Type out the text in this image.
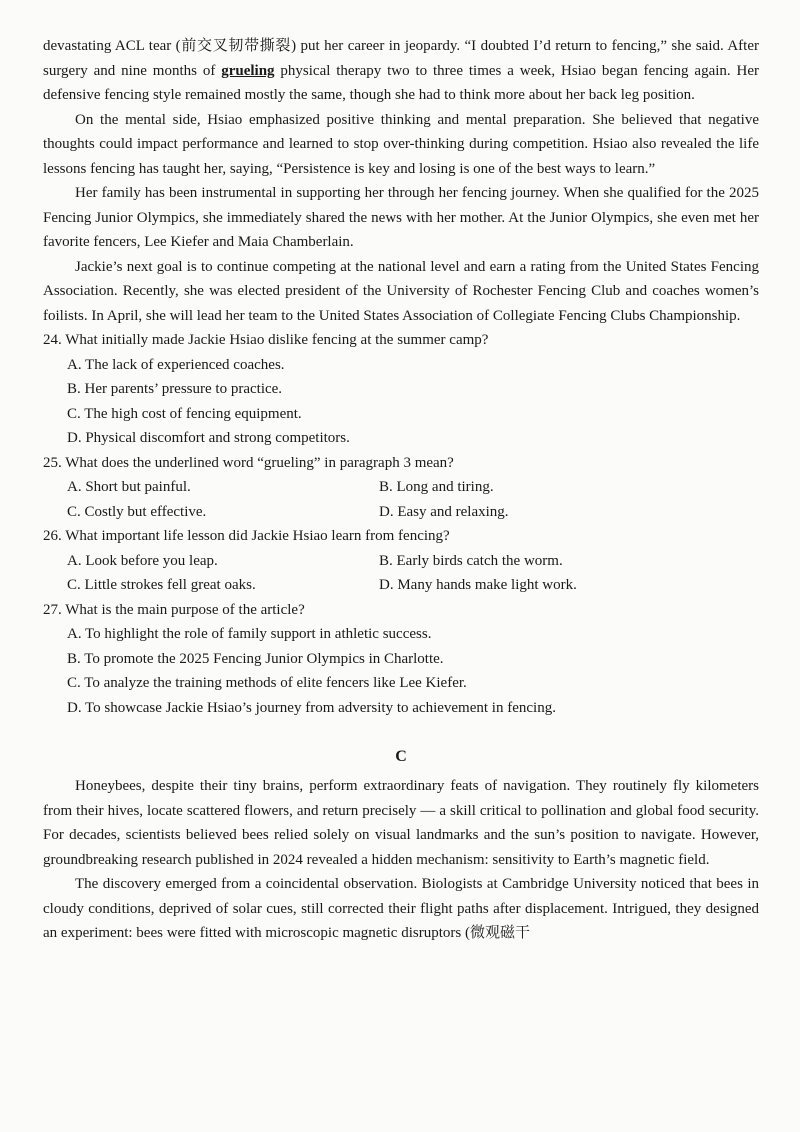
devastating ACL tear (前交叉韧带撕裂) put her career in jeopardy. “I doubted I’d return to fencing,” she said. After surgery and nine months of grueling physical therapy two to three times a week, Hsiao began fencing again. Her defensive fencing style remained mostly the same, though she had to think more about her back leg position.

On the mental side, Hsiao emphasized positive thinking and mental preparation. She believed that negative thoughts could impact performance and learned to stop over-thinking during competition. Hsiao also revealed the life lessons fencing has taught her, saying, “Persistence is key and losing is one of the best ways to learn.”

Her family has been instrumental in supporting her through her fencing journey. When she qualified for the 2025 Fencing Junior Olympics, she immediately shared the news with her mother. At the Junior Olympics, she even met her favorite fencers, Lee Kiefer and Maia Chamberlain.

Jackie’s next goal is to continue competing at the national level and earn a rating from the United States Fencing Association. Recently, she was elected president of the University of Rochester Fencing Club and coaches women’s foilists. In April, she will lead her team to the United States Association of Collegiate Fencing Clubs Championship.

24. What initially made Jackie Hsiao dislike fencing at the summer camp?

A. The lack of experienced coaches.

B. Her parents’ pressure to practice.

C. The high cost of fencing equipment.

D. Physical discomfort and strong competitors.

25. What does the underlined word “grueling” in paragraph 3 mean?

A. Short but painful.	B. Long and tiring.
C. Costly but effective.	D. Easy and relaxing.

26. What important life lesson did Jackie Hsiao learn from fencing?

A. Look before you leap.	B. Early birds catch the worm.
C. Little strokes fell great oaks.	D. Many hands make light work.

27. What is the main purpose of the article?

A. To highlight the role of family support in athletic success.

B. To promote the 2025 Fencing Junior Olympics in Charlotte.

C. To analyze the training methods of elite fencers like Lee Kiefer.

D. To showcase Jackie Hsiao’s journey from adversity to achievement in fencing.

C

Honeybees, despite their tiny brains, perform extraordinary feats of navigation. They routinely fly kilometers from their hives, locate scattered flowers, and return precisely — a skill critical to pollination and global food security. For decades, scientists believed bees relied solely on visual landmarks and the sun’s position to navigate. However, groundbreaking research published in 2024 revealed a hidden mechanism: sensitivity to Earth’s magnetic field.

The discovery emerged from a coincidental observation. Biologists at Cambridge University noticed that bees in cloudy conditions, deprived of solar cues, still corrected their flight paths after displacement. Intrigued, they designed an experiment: bees were fitted with microscopic magnetic disruptors (微观磁干
